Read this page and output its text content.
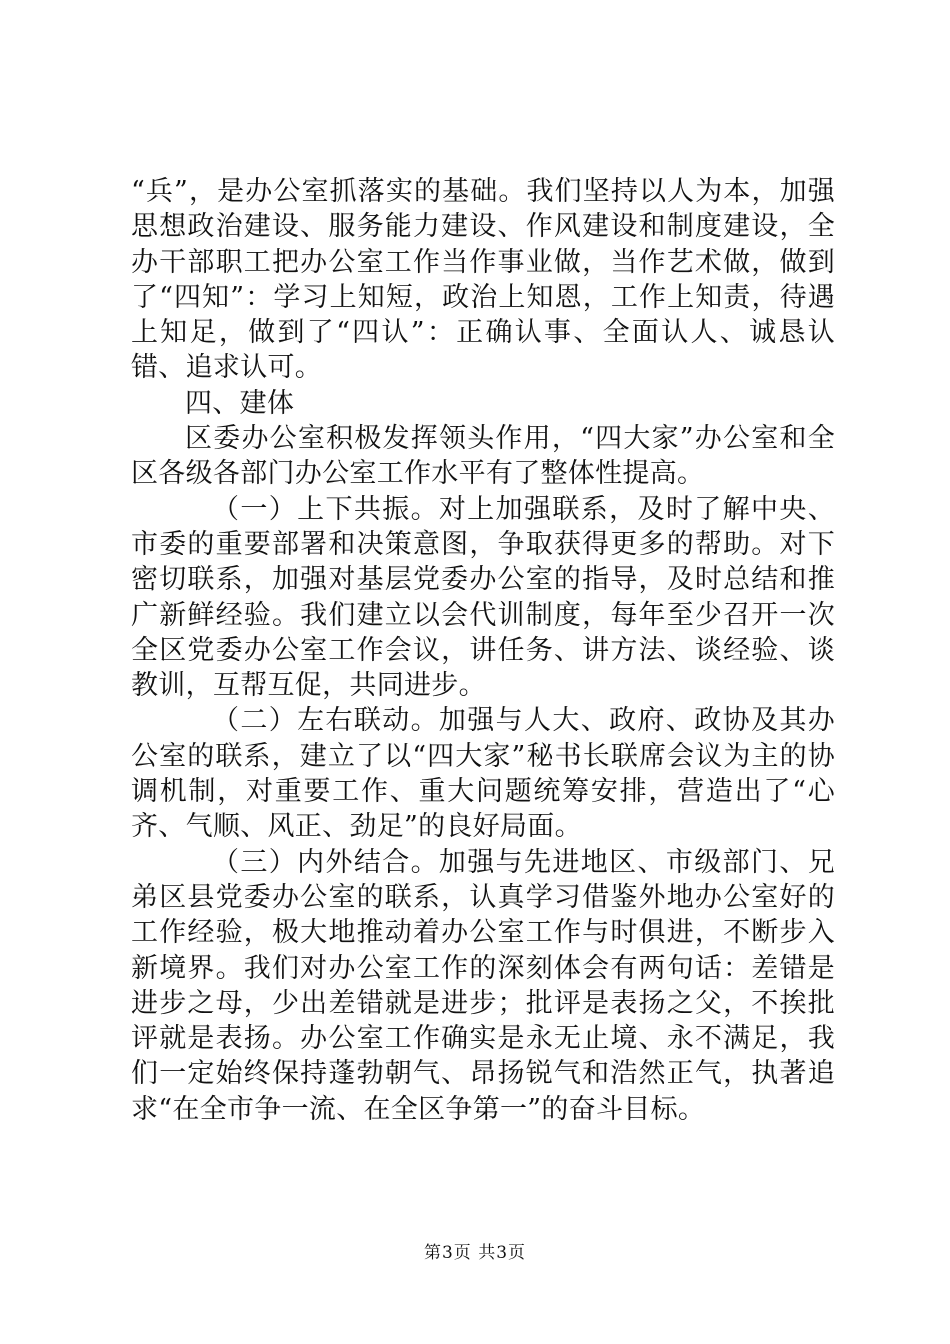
“兵”，是办公室抓落实的基础。我们坚持以人为本，加强思想政治建设、服务能力建设、作风建设和制度建设，全办干部职工把办公室工作当作事业做，当作艺术做，做到了“四知”：学习上知短，政治上知恩，工作上知责，待遇上知足，做到了“四认”：正确认事、全面认人、诚恳认错、追求认可。

四、建体

区委办公室积极发挥领头作用，“四大家”办公室和全区各级各部门办公室工作水平有了整体性提高。

（一）上下共振。对上加强联系，及时了解中央、市委的重要部署和决策意图，争取获得更多的帮助。对下密切联系，加强对基层党委办公室的指导，及时总结和推广新鲜经验。我们建立以会代训制度，每年至少召开一次全区党委办公室工作会议，讲任务、讲方法、谈经验、谈教训，互帮互促，共同进步。

（二）左右联动。加强与人大、政府、政协及其办公室的联系，建立了以“四大家”秘书长联席会议为主的协调机制，对重要工作、重大问题统筹安排，营造出了“心齐、气顺、风正、劲足”的良好局面。

（三）内外结合。加强与先进地区、市级部门、兄弟区县党委办公室的联系，认真学习借鉴外地办公室好的工作经验，极大地推动着办公室工作与时俱进，不断步入新境界。我们对办公室工作的深刻体会有两句话：差错是进步之母，少出差错就是进步；批评是表扬之父，不挨批评就是表扬。办公室工作确实是永无止境、永不满足，我们一定始终保持蓬勃朝气、昂扬锐气和浩然正气，执著追求“在全市争一流、在全区争第一”的奋斗目标。

第3页 共3页
